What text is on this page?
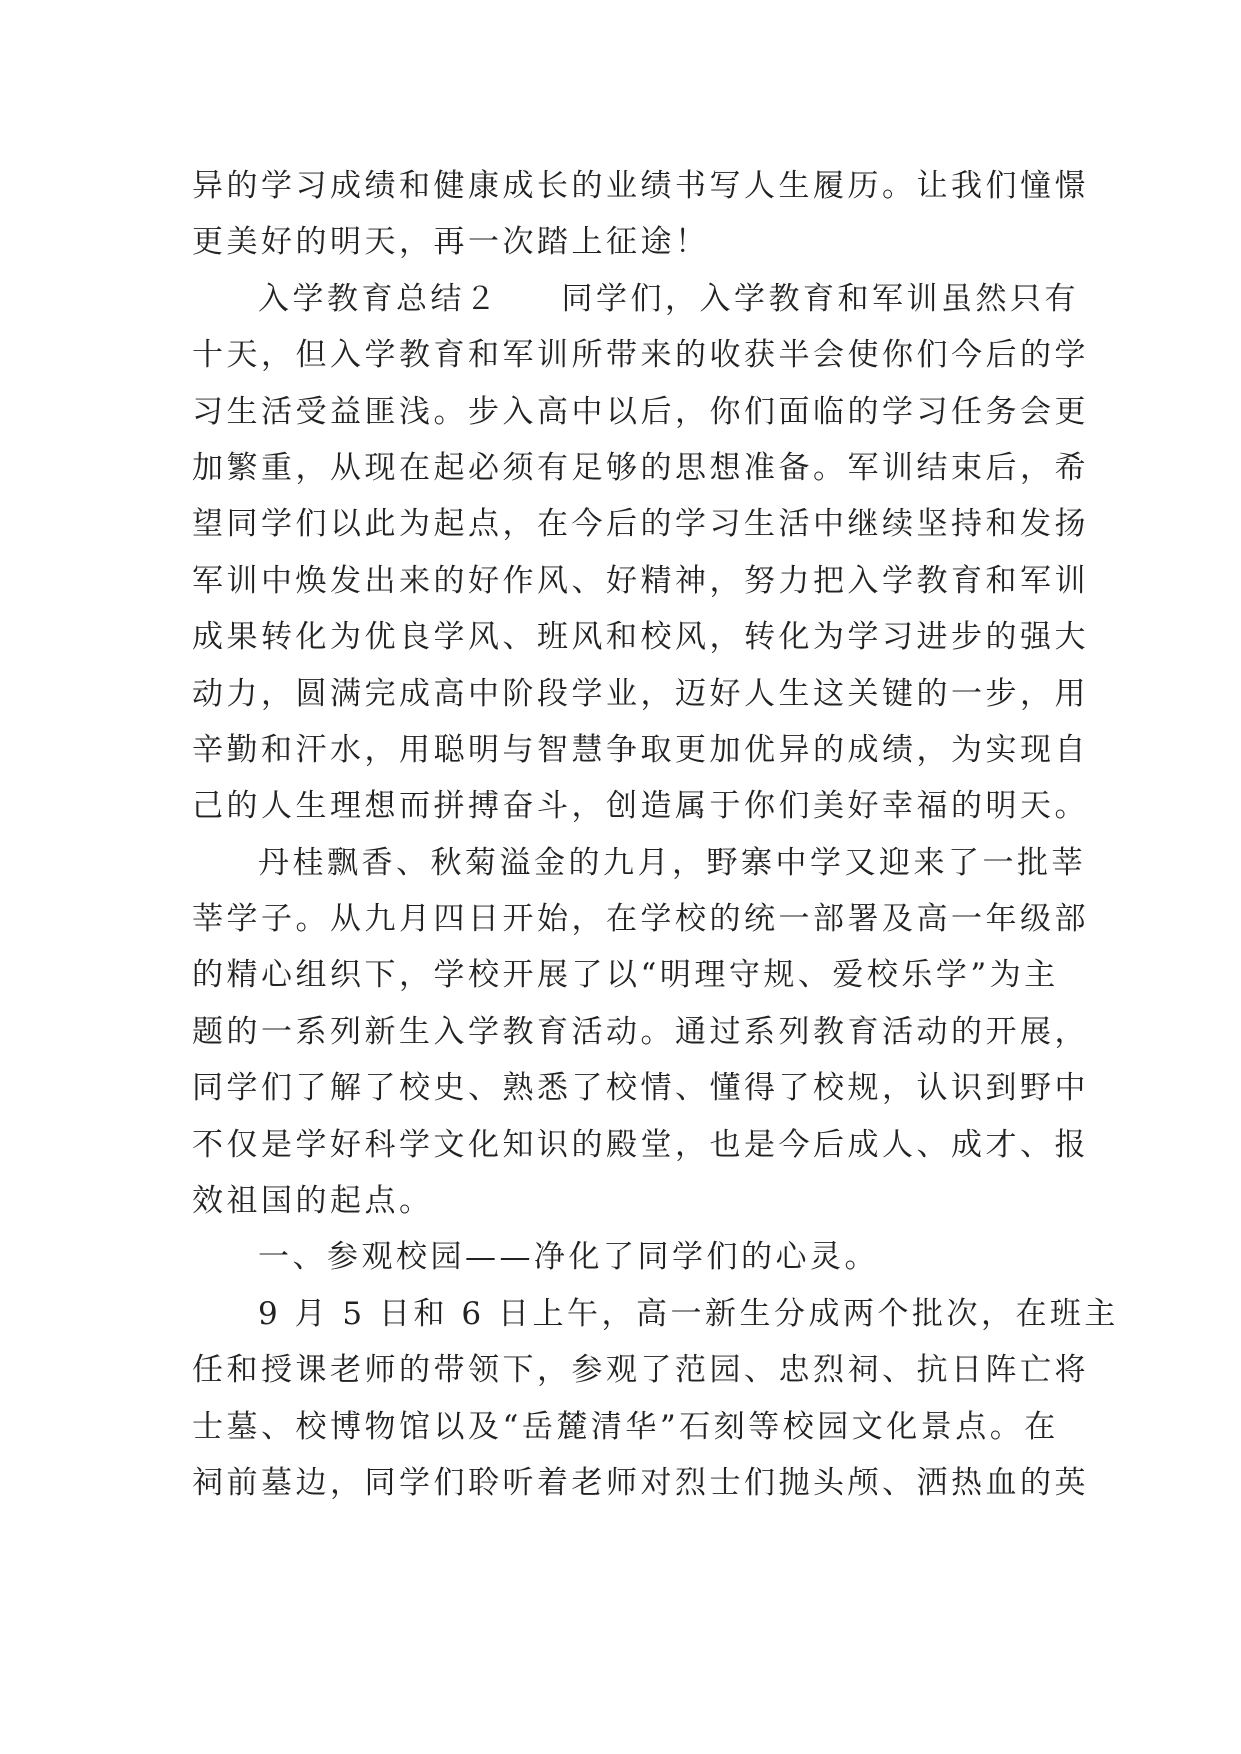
异的学习成绩和健康成长的业绩书写人生履历。让我们憧憬
更美好的明天，再一次踏上征途！
入学教育总结２ 同学们，入学教育和军训虽然只有
十天，但入学教育和军训所带来的收获半会使你们今后的学
习生活受益匪浅。步入高中以后，你们面临的学习任务会更
加繁重，从现在起必须有足够的思想准备。军训结束后，希
望同学们以此为起点，在今后的学习生活中继续坚持和发扬
军训中焕发出来的好作风、好精神，努力把入学教育和军训
成果转化为优良学风、班风和校风，转化为学习进步的强大
动力，圆满完成高中阶段学业，迈好人生这关键的一步，用
辛勤和汗水，用聪明与智慧争取更加优异的成绩，为实现自
己的人生理想而拼搏奋斗，创造属于你们美好幸福的明天。
丹桂飘香、秋菊溢金的九月，野寨中学又迎来了一批莘
莘学子。从九月四日开始，在学校的统一部署及高一年级部
的精心组织下，学校开展了以“明理守规、爱校乐学”为主
题的一系列新生入学教育活动。通过系列教育活动的开展，
同学们了解了校史、熟悉了校情、懂得了校规，认识到野中
不仅是学好科学文化知识的殿堂，也是今后成人、成才、报
效祖国的起点。
一、参观校园——净化了同学们的心灵。
9 月 5 日和 6 日上午，高一新生分成两个批次，在班主
任和授课老师的带领下，参观了范园、忠烈祠、抗日阵亡将
士墓、校博物馆以及“岳麓清华”石刻等校园文化景点。在
祠前墓边，同学们聆听着老师对烈士们抛头颅、洒热血的英
